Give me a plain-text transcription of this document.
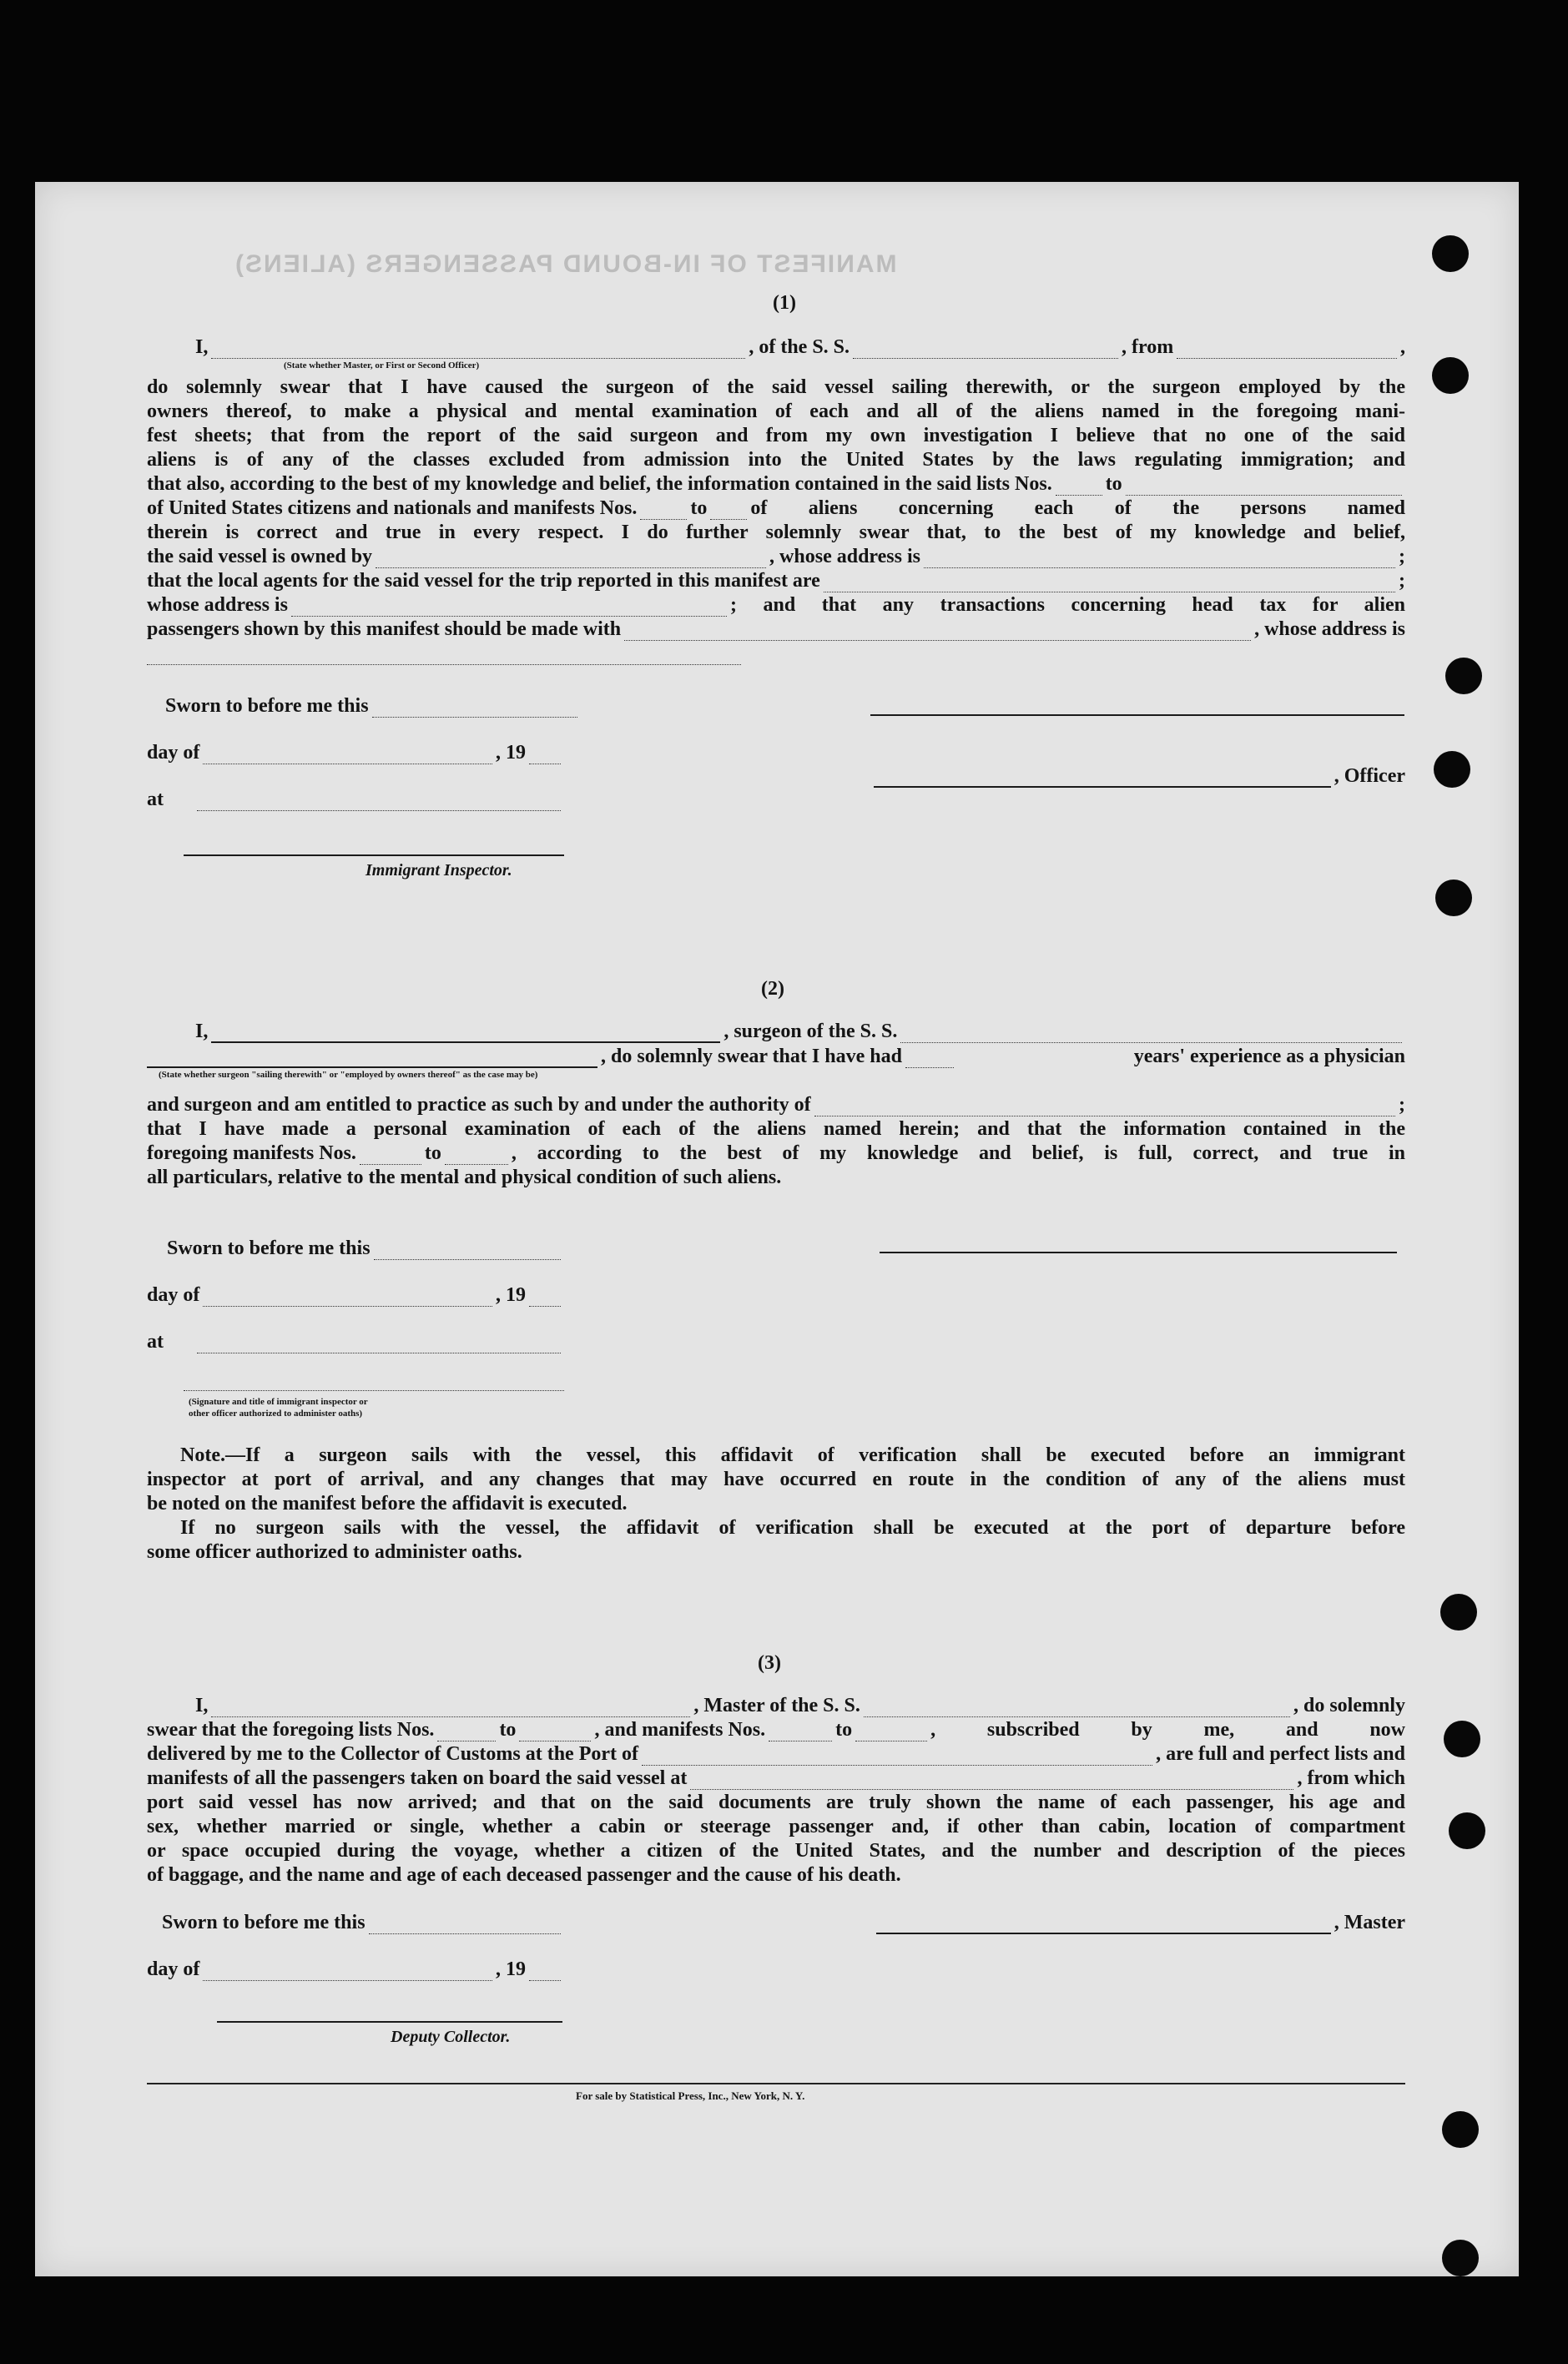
MANIFEST OF IN-BOUND PASSENGERS (ALIENS)
(1)
I,	, of the S. S.	, from	,
(State whether Master, or First or Second Officer)
do solemnly swear that I have caused the surgeon of the said vessel sailing therewith, or the surgeon employed by the
owners thereof, to make a physical and mental examination of each and all of the aliens named in the foregoing mani-
fest sheets; that from the report of the said surgeon and from my own investigation I believe that no one of the said
aliens is of any of the classes excluded from admission into the United States by the laws regulating immigration; and
that also, according to the best of my knowledge and belief, the information contained in the said lists Nos.	to
of United States citizens and nationals and manifests Nos.	to of aliens concerning each of the persons named
therein is correct and true in every respect. I do further solemnly swear that, to the best of my knowledge and belief,
the said vessel is owned by	, whose address is	;
that the local agents for the said vessel for the trip reported in this manifest are	;
whose address is	; and that any transactions concerning head tax for alien
passengers shown by this manifest should be made with	, whose address is
Sworn to before me this
day of	, 19
, Officer
at
Immigrant Inspector.
(2)
I,	, surgeon of the S. S.
, do solemnly swear that I have had	years' experience as a physician
(State whether surgeon "sailing therewith" or "employed by owners thereof" as the case may be)
and surgeon and am entitled to practice as such by and under the authority of	;
that I have made a personal examination of each of the aliens named herein; and that the information contained in the
foregoing manifests Nos.	to	, according to the best of my knowledge and belief, is full, correct, and true in
all particulars, relative to the mental and physical condition of such aliens.
Sworn to before me this
day of	, 19
at
(Signature and title of immigrant inspector or
other officer authorized to administer oaths)
Note.—If a surgeon sails with the vessel, this affidavit of verification shall be executed before an immigrant
inspector at port of arrival, and any changes that may have occurred en route in the condition of any of the aliens must
be noted on the manifest before the affidavit is executed.
If no surgeon sails with the vessel, the affidavit of verification shall be executed at the port of departure before
some officer authorized to administer oaths.
(3)
I,	, Master of the S. S.	, do solemnly
swear that the foregoing lists Nos.	to	, and manifests Nos.	to	, subscribed by me, and now
delivered by me to the Collector of Customs at the Port of	, are full and perfect lists and
manifests of all the passengers taken on board the said vessel at	, from which
port said vessel has now arrived; and that on the said documents are truly shown the name of each passenger, his age and
sex, whether married or single, whether a cabin or steerage passenger and, if other than cabin, location of compartment
or space occupied during the voyage, whether a citizen of the United States, and the number and description of the pieces
of baggage, and the name and age of each deceased passenger and the cause of his death.
Sworn to before me this	, Master
day of	, 19
Deputy Collector.
For sale by Statistical Press, Inc., New York, N. Y.
